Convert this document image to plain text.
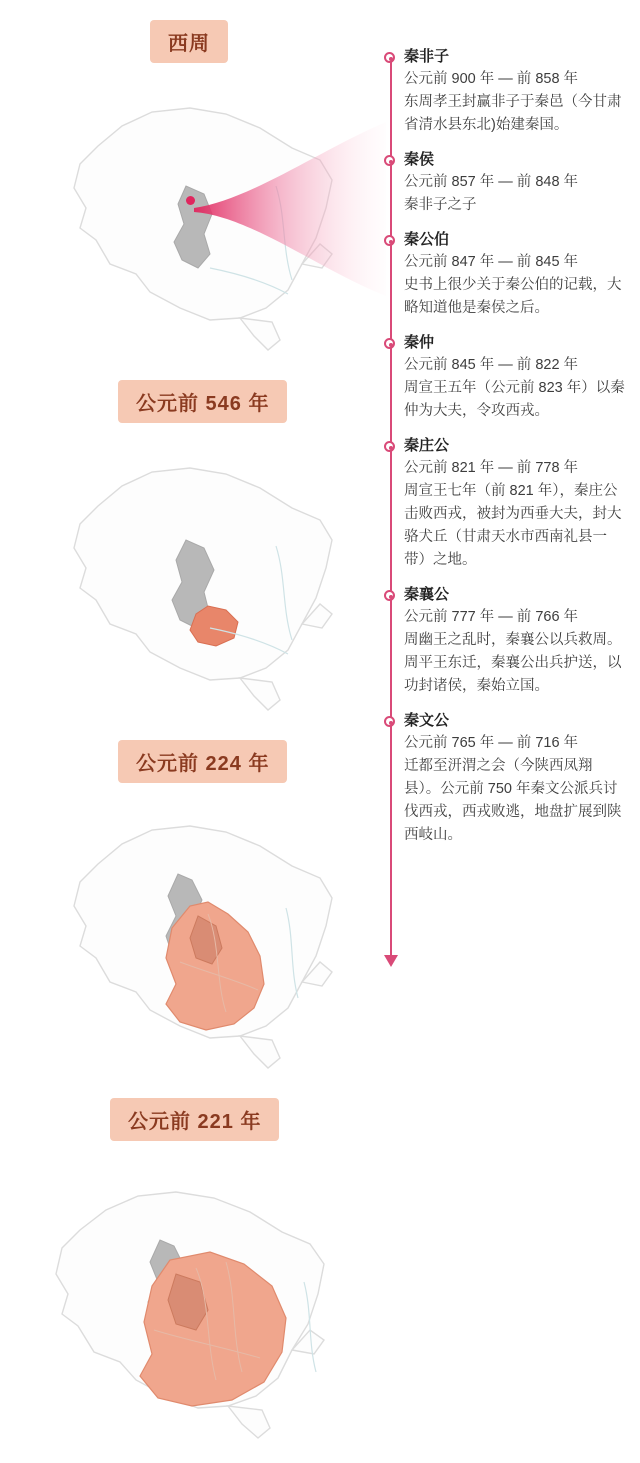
西周
公元前 546 年
公元前 224 年
公元前 221 年
秦非子
公元前 900 年 — 前 858 年
东周孝王封赢非子于秦邑（今甘肃省清水县东北)始建秦国。
秦侯
公元前 857 年 — 前 848 年
秦非子之子
秦公伯
公元前 847 年 — 前 845 年
史书上很少关于秦公伯的记载，大略知道他是秦侯之后。
秦仲
公元前 845 年 — 前 822 年
周宣王五年（公元前 823 年）以秦仲为大夫，令攻西戎。
秦庄公
公元前 821 年 — 前 778 年
周宣王七年（前 821 年），秦庄公击败西戎，被封为西垂大夫，封大骆犬丘（甘肃天水市西南礼县一带）之地。
秦襄公
公元前 777 年 — 前 766 年
周幽王之乱时，秦襄公以兵救周。周平王东迁，秦襄公出兵护送，以功封诸侯，秦始立国。
秦文公
公元前 765 年 — 前 716 年
迁都至汧渭之会（今陕西凤翔县）。公元前 750 年秦文公派兵讨伐西戎，西戎败逃，地盘扩展到陕西岐山。
